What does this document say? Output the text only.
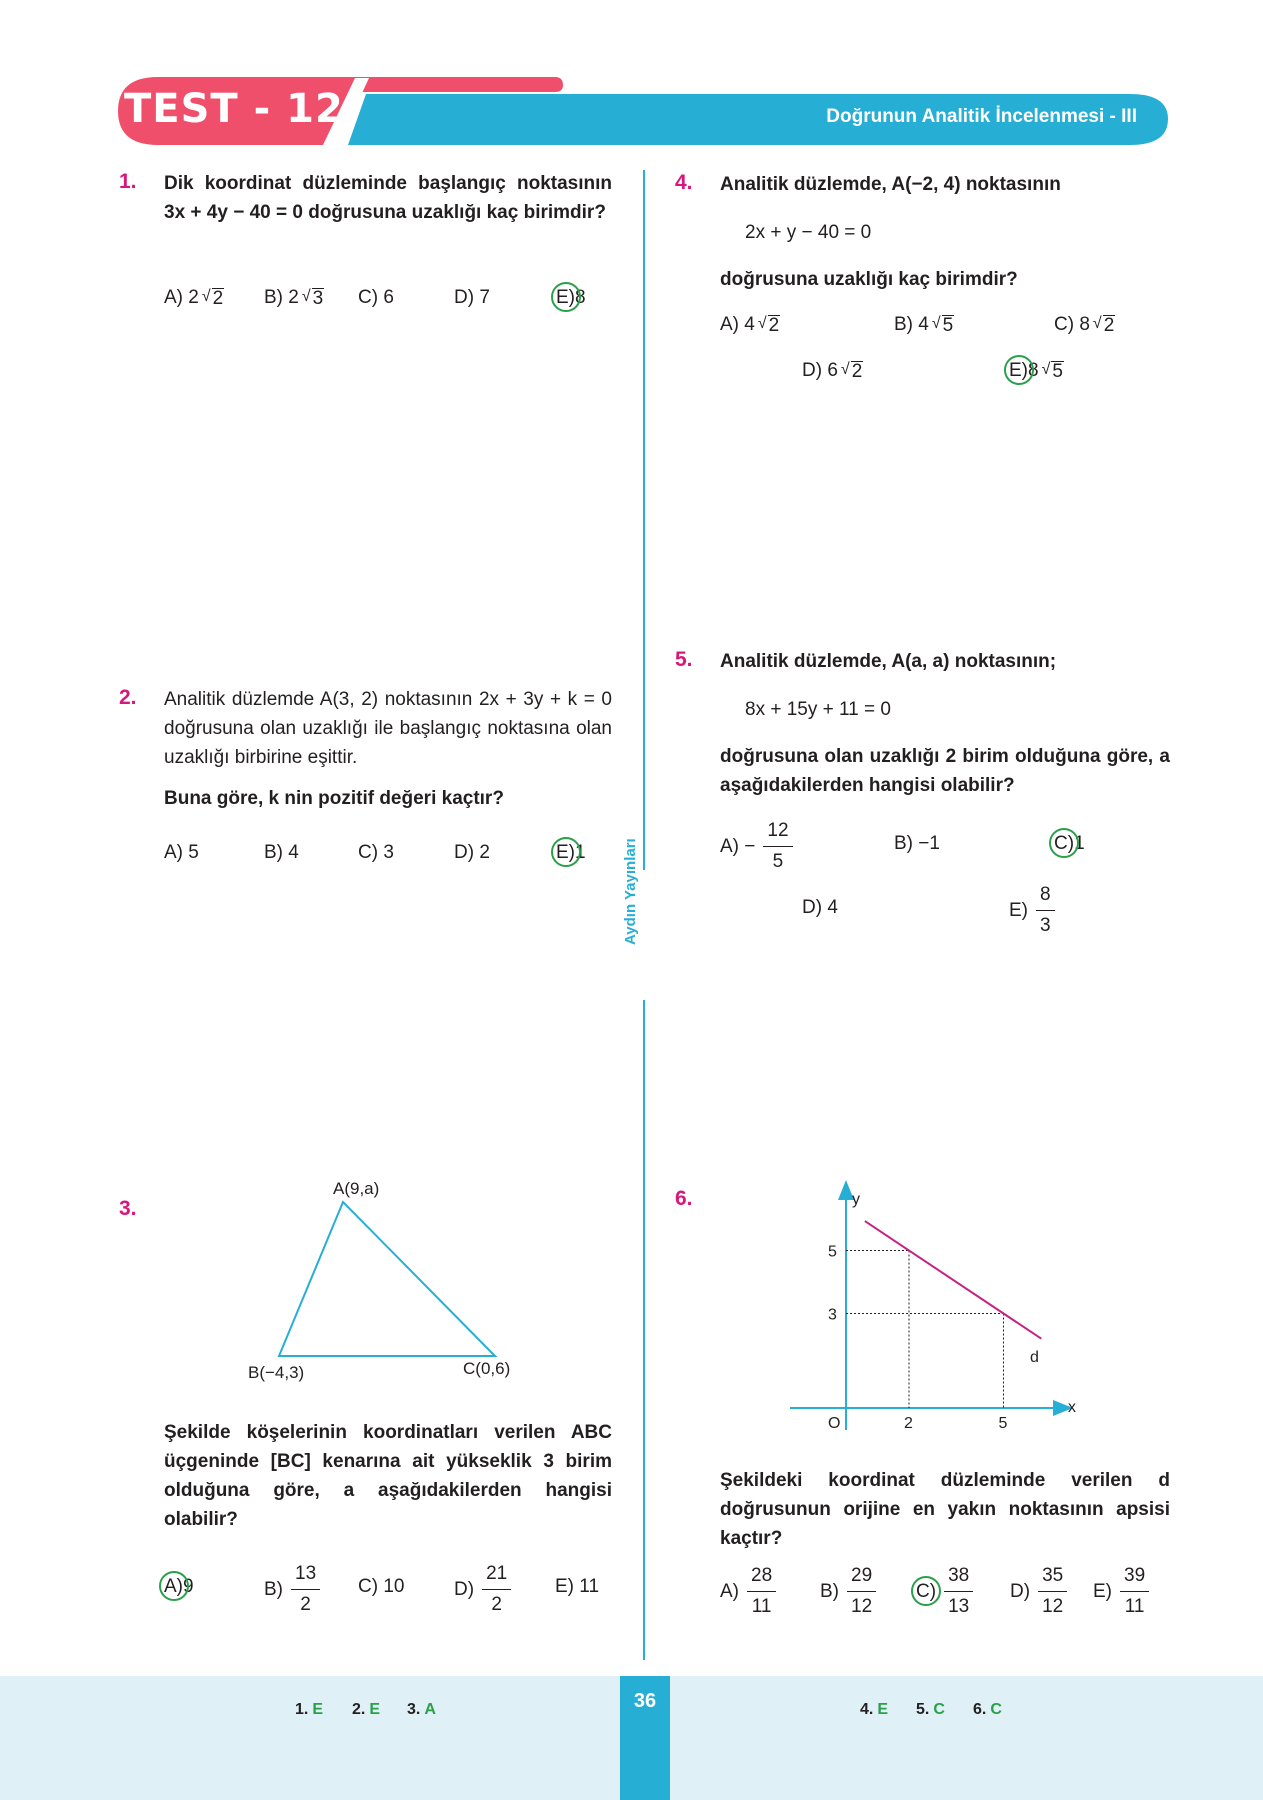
TEST - 12	Doğrunun Analitik İncelenmesi - III
Aydın Yayınları
1. Dik koordinat düzleminde başlangıç noktasının 3x + 4y − 40 = 0 doğrusuna uzaklığı kaç birimdir?
A)
2 √ 2 B)
2 √ 3 C)
6	D)
7	E) 8
2. Analitik düzlemde A(3, 2) noktasının 2x + 3y + k = 0 doğrusuna olan uzaklığı ile başlangıç noktasına olan uzaklığı birbirine eşittir.
Buna göre, k nin pozitif değeri kaçtır?
A)
5	B)
4	C)
3	D)
2	E) 1
3.
A(9,a)
B(−4,3)	C(0,6)
Şekilde köşelerinin koordinatları verilen ABC üçgeninde [BC] kenarına ait yükseklik 3 birim olduğuna göre, a aşağıdakilerden hangisi olabilir?
A) 9	$B) \frac{13}{2} C$)
10	$D) \frac{21}{2} E$)
11
4. Analitik düzlemde, A(−2, 4) noktasının
2x + y − 40 = 0
doğrusuna uzaklığı kaç birimdir?
A)
4 √ 2	B)
4 √ 5	C)
8 √ 2
D)
6 √ 2	E) 8 √ 5
5. Analitik düzlemde, A(a, a) noktasının;
8x + 15y + 11 = 0
doğrusuna olan uzaklığı 2 birim olduğuna göre, a aşağıdakilerden hangisi olabilir?
A)
− $\frac{12}{5}$	B)
−1	C) 1
D)
4	$E) \frac{8}{3}$
6.
5
2
3
5
y
x
O
d
Şekildeki koordinat düzleminde verilen d doğrusunun orijine en yakın noktasının apsisi kaçtır?
$A) \frac{28}{11} B) \frac{29}{12} C) \frac{38}{13} D) \frac{35}{12} E) \frac{39}{11}$
36
1. E 2. E 3. A	4. E 5. C 6. C
